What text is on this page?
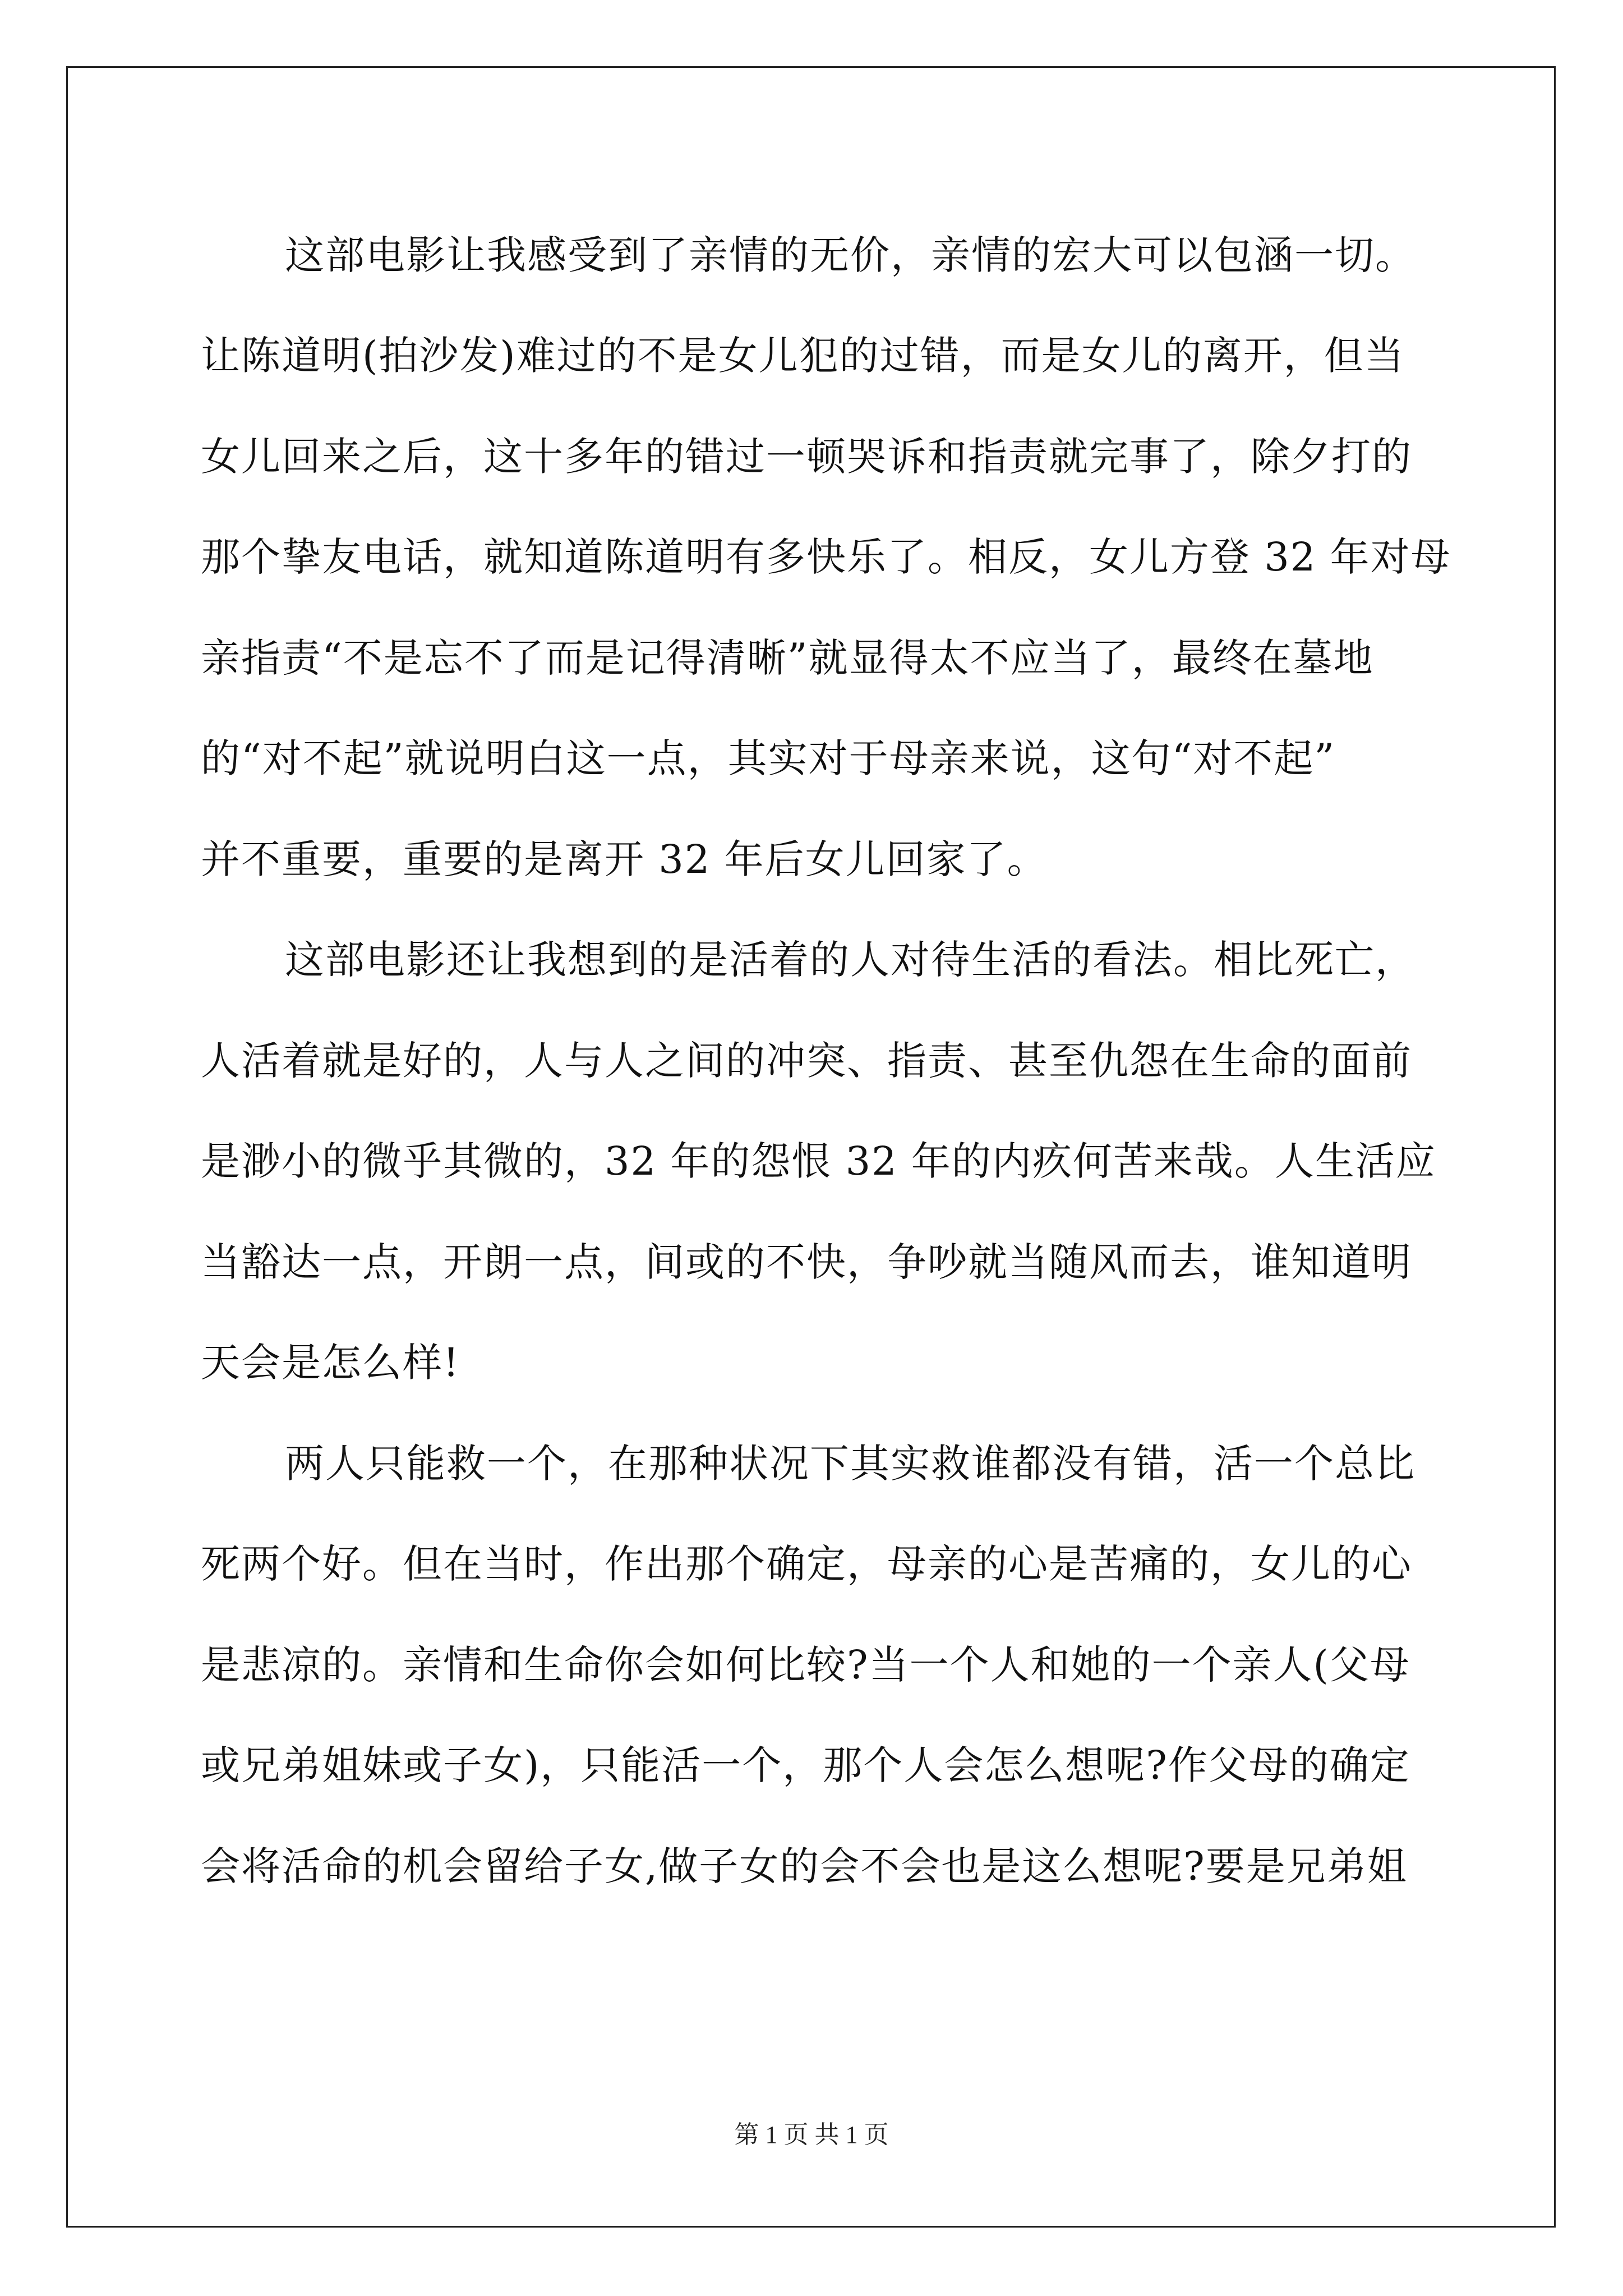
这部电影让我感受到了亲情的无价，亲情的宏大可以包涵一切。
让陈道明(拍沙发)难过的不是女儿犯的过错，而是女儿的离开，但当
女儿回来之后，这十多年的错过一顿哭诉和指责就完事了，除夕打的
那个挚友电话，就知道陈道明有多快乐了。相反，女儿方登 32 年对母
亲指责“不是忘不了而是记得清晰”就显得太不应当了，最终在墓地
的“对不起”就说明白这一点，其实对于母亲来说，这句“对不起”
并不重要，重要的是离开 32 年后女儿回家了。
这部电影还让我想到的是活着的人对待生活的看法。相比死亡，
人活着就是好的，人与人之间的冲突、指责、甚至仇怨在生命的面前
是渺小的微乎其微的，32 年的怨恨 32 年的内疚何苦来哉。人生活应
当豁达一点，开朗一点，间或的不快，争吵就当随风而去，谁知道明
天会是怎么样!
两人只能救一个，在那种状况下其实救谁都没有错，活一个总比
死两个好。但在当时，作出那个确定，母亲的心是苦痛的，女儿的心
是悲凉的。亲情和生命你会如何比较?当一个人和她的一个亲人(父母
或兄弟姐妹或子女)，只能活一个，那个人会怎么想呢?作父母的确定
会将活命的机会留给子女,做子女的会不会也是这么想呢?要是兄弟姐
第 1 页 共 1 页
